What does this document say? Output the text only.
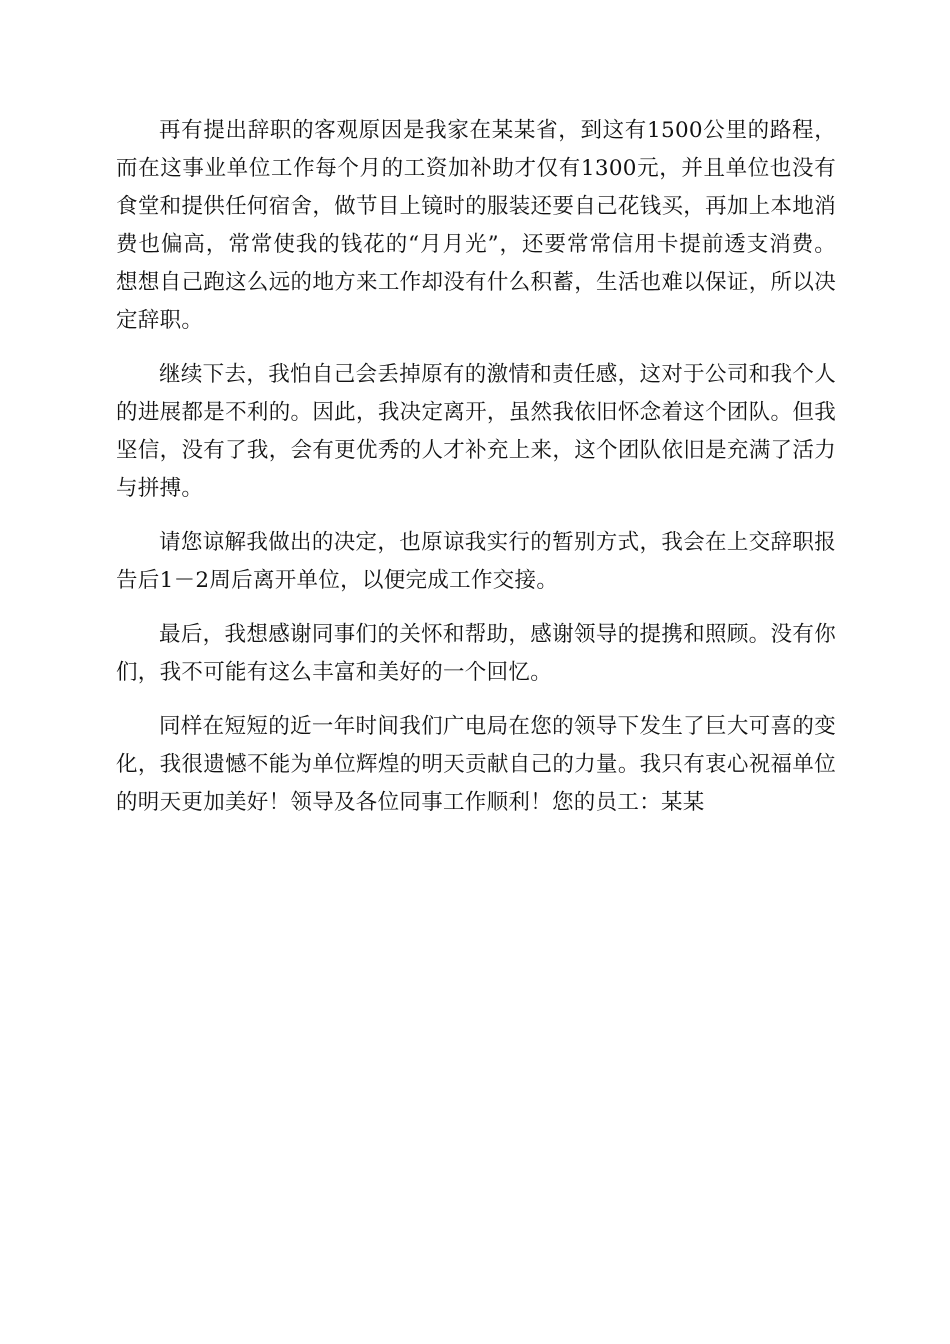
再有提出辞职的客观原因是我家在某某省，到这有1500公里的路程，而在这事业单位工作每个月的工资加补助才仅有1300元，并且单位也没有食堂和提供任何宿舍，做节目上镜时的服装还要自己花钱买，再加上本地消费也偏高，常常使我的钱花的“月月光”，还要常常信用卡提前透支消费。想想自己跑这么远的地方来工作却没有什么积蓄，生活也难以保证，所以决定辞职。

继续下去，我怕自己会丢掉原有的激情和责任感，这对于公司和我个人的进展都是不利的。因此，我决定离开，虽然我依旧怀念着这个团队。但我坚信，没有了我，会有更优秀的人才补充上来，这个团队依旧是充满了活力与拼搏。

请您谅解我做出的决定，也原谅我实行的暂别方式，我会在上交辞职报告后1－2周后离开单位，以便完成工作交接。

最后，我想感谢同事们的关怀和帮助，感谢领导的提携和照顾。没有你们，我不可能有这么丰富和美好的一个回忆。

同样在短短的近一年时间我们广电局在您的领导下发生了巨大可喜的变化，我很遗憾不能为单位辉煌的明天贡献自己的力量。我只有衷心祝福单位的明天更加美好！领导及各位同事工作顺利！您的员工：某某
